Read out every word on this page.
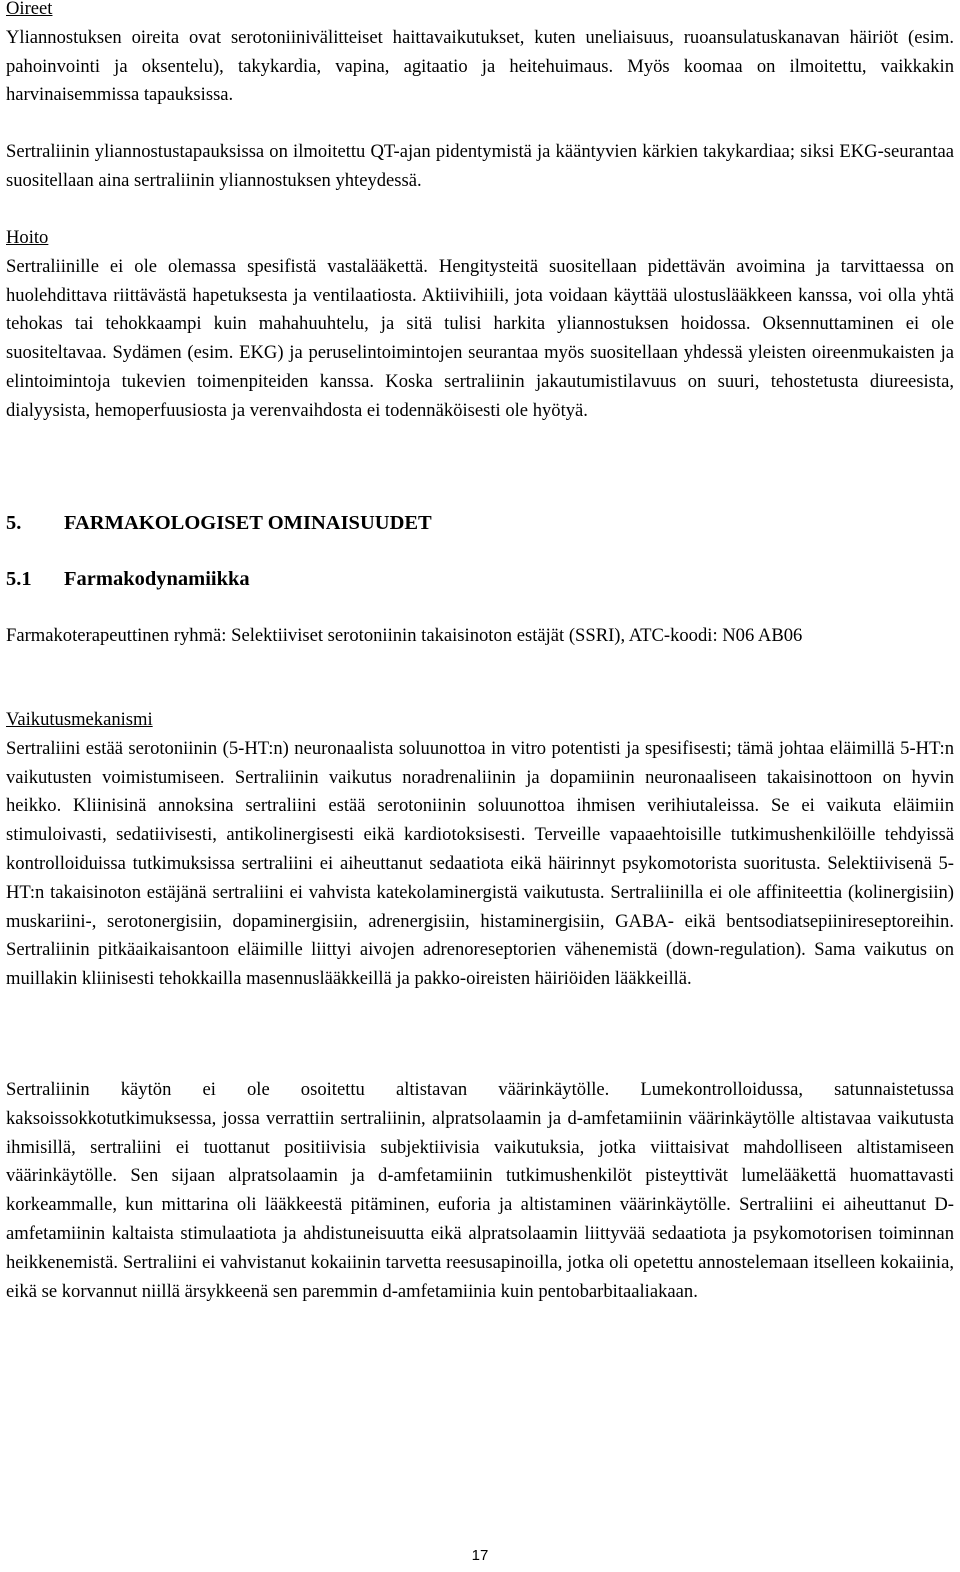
Oireet

Yliannostuksen oireita ovat serotoniinivälitteiset haittavaikutukset, kuten uneliaisuus, ruoansulatuskanavan häiriöt (esim. pahoinvointi ja oksentelu), takykardia, vapina, agitaatio ja heitehuimaus. Myös koomaa on ilmoitettu, vaikkakin harvinaisemmissa tapauksissa.

Sertraliinin yliannostustapauksissa on ilmoitettu QT-ajan pidentymistä ja kääntyvien kärkien takykardiaa; siksi EKG-seurantaa suositellaan aina sertraliinin yliannostuksen yhteydessä.

Hoito

Sertraliinille ei ole olemassa spesifistä vastalääkettä. Hengitysteitä suositellaan pidettävän avoimina ja tarvittaessa on huolehdittava riittävästä hapetuksesta ja ventilaatiosta. Aktiivihiili, jota voidaan käyttää ulostuslääkkeen kanssa, voi olla yhtä tehokas tai tehokkaampi kuin mahahuuhtelu, ja sitä tulisi harkita yliannostuksen hoidossa. Oksennuttaminen ei ole suositeltavaa. Sydämen (esim. EKG) ja peruselintoimintojen seurantaa myös suositellaan yhdessä yleisten oireenmukaisten ja elintoimintoja tukevien toimenpiteiden kanssa. Koska sertraliinin jakautumistilavuus on suuri, tehostetusta diureesista, dialyysista, hemoperfuusiosta ja verenvaihdosta ei todennäköisesti ole hyötyä.

5.	FARMAKOLOGISET OMINAISUUDET
5.1	Farmakodynamiikka

Farmakoterapeuttinen ryhmä: Selektiiviset serotoniinin takaisinoton estäjät (SSRI), ATC-koodi: N06 AB06

Vaikutusmekanismi

Sertraliini estää serotoniinin (5-HT:n) neuronaalista soluunottoa in vitro potentisti ja spesifisesti; tämä johtaa eläimillä 5-HT:n vaikutusten voimistumiseen. Sertraliinin vaikutus noradrenaliinin ja dopamiinin neuronaaliseen takaisinottoon on hyvin heikko. Kliinisinä annoksina sertraliini estää serotoniinin soluunottoa ihmisen verihiutaleissa. Se ei vaikuta eläimiin stimuloivasti, sedatiivisesti, antikolinergisesti eikä kardiotoksisesti. Terveille vapaaehtoisille tutkimushenkilöille tehdyissä kontrolloiduissa tutkimuksissa sertraliini ei aiheuttanut sedaatiota eikä häirinnyt psykomotorista suoritusta. Selektiivisenä 5-HT:n takaisinoton estäjänä sertraliini ei vahvista katekolaminergistä vaikutusta. Sertraliinilla ei ole affiniteettia (kolinergisiin) muskariini-, serotonergisiin, dopaminergisiin, adrenergisiin, histaminergisiin, GABA- eikä bentsodiatsepiinireseptoreihin. Sertraliinin pitkäaikaisantoon eläimille liittyi aivojen adrenoreseptorien vähenemistä (down-regulation). Sama vaikutus on muillakin kliinisesti tehokkailla masennuslääkkeillä ja pakko-oireisten häiriöiden lääkkeillä.

Sertraliinin käytön ei ole osoitettu altistavan väärinkäytölle. Lumekontrolloidussa, satunnaistetussa kaksoissokkotutkimuksessa, jossa verrattiin sertraliinin, alpratsolaamin ja d-amfetamiinin väärinkäytölle altistavaa vaikutusta ihmisillä, sertraliini ei tuottanut positiivisia subjektiivisia vaikutuksia, jotka viittaisivat mahdolliseen altistamiseen väärinkäytölle. Sen sijaan alpratsolaamin ja d-amfetamiinin tutkimushenkilöt pisteyttivät lumelääkettä huomattavasti korkeammalle, kun mittarina oli lääkkeestä pitäminen, euforia ja altistaminen väärinkäytölle. Sertraliini ei aiheuttanut D-amfetamiinin kaltaista stimulaatiota ja ahdistuneisuutta eikä alpratsolaamin liittyvää sedaatiota ja psykomotorisen toiminnan heikkenemistä. Sertraliini ei vahvistanut kokaiinin tarvetta reesusapinoilla, jotka oli opetettu annostelemaan itselleen kokaiinia, eikä se korvannut niillä ärsykkeenä sen paremmin d-amfetamiinia kuin pentobarbitaaliakaan.

17
